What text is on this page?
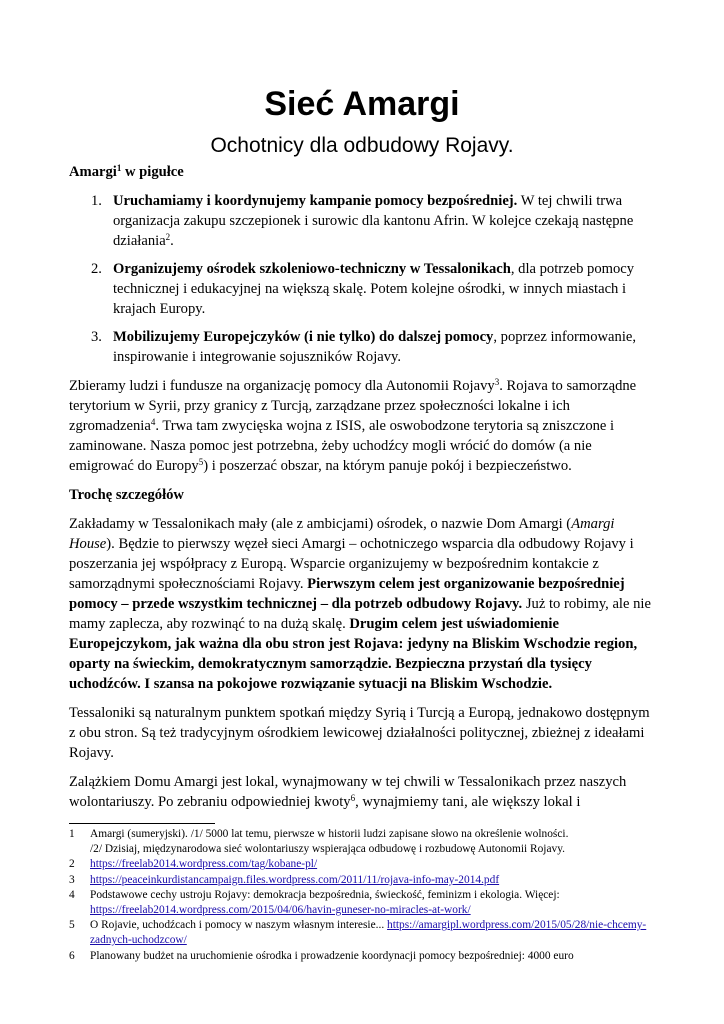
Sieć Amargi
Ochotnicy dla odbudowy Rojavy.

Amargi$^1$ w pigułce

1. Uruchamiamy i koordynujemy kampanie pomocy bezpośredniej. W tej chwili trwa organizacja zakupu szczepionek i surowic dla kantonu Afrin. W kolejce czekają następne działania$^2$.
2. Organizujemy ośrodek szkoleniowo-techniczny w Tessalonikach, dla potrzeb pomocy technicznej i edukacyjnej na większą skalę. Potem kolejne ośrodki, w innych miastach i krajach Europy.
3. Mobilizujemy Europejczyków (i nie tylko) do dalszej pomocy, poprzez informowanie, inspirowanie i integrowanie sojuszników Rojavy.

Zbieramy ludzi i fundusze na organizację pomocy dla Autonomii Rojavy$^3$. Rojava to samorządne terytorium w Syrii, przy granicy z Turcją, zarządzane przez społeczności lokalne i ich zgromadzenia$^4$. Trwa tam zwycięska wojna z ISIS, ale oswobodzone terytoria są zniszczone i zaminowane. Nasza pomoc jest potrzebna, żeby uchodźcy mogli wrócić do domów (a nie emigrować do Europy$^5$) i poszerzać obszar, na którym panuje pokój i bezpieczeństwo.

Trochę szczegółów

Zakładamy w Tessalonikach mały (ale z ambicjami) ośrodek, o nazwie Dom Amargi (Amargi House). Będzie to pierwszy węzeł sieci Amargi – ochotniczego wsparcia dla odbudowy Rojavy i poszerzania jej współpracy z Europą. Wsparcie organizujemy w bezpośrednim kontakcie z samorządnymi społecznościami Rojavy. Pierwszym celem jest organizowanie bezpośredniej pomocy – przede wszystkim technicznej – dla potrzeb odbudowy Rojavy. Już to robimy, ale nie mamy zaplecza, aby rozwinąć to na dużą skalę. Drugim celem jest uświadomienie Europejczykom, jak ważna dla obu stron jest Rojava: jedyny na Bliskim Wschodzie region, oparty na świeckim, demokratycznym samorządzie. Bezpieczna przystań dla tysięcy uchodźców. I szansa na pokojowe rozwiązanie sytuacji na Bliskim Wschodzie.

Tessaloniki są naturalnym punktem spotkań między Syrią i Turcją a Europą, jednakowo dostępnym z obu stron. Są też tradycyjnym ośrodkiem lewicowej działalności politycznej, zbieżnej z ideałami Rojavy.

Zalążkiem Domu Amargi jest lokal, wynajmowany w tej chwili w Tessalonikach przez naszych wolontariuszy. Po zebraniu odpowiedniej kwoty$^6$, wynajmiemy tani, ale większy lokal i

1 Amargi (sumeryjski). /1/ 5000 lat temu, pierwsze w historii ludzi zapisane słowo na określenie wolności.
/2/ Dzisiaj, międzynarodowa sieć wolontariuszy wspierająca odbudowę i rozbudowę Autonomii Rojavy.
2 https://freelab2014.wordpress.com/tag/kobane-pl/
3 https://peaceinkurdistancampaign.files.wordpress.com/2011/11/rojava-info-may-2014.pdf
4 Podstawowe cechy ustroju Rojavy: demokracja bezpośrednia, świeckość, feminizm i ekologia. Więcej:
https://freelab2014.wordpress.com/2015/04/06/havin-guneser-no-miracles-at-work/
5 O Rojavie, uchodźcach i pomocy w naszym własnym interesie... https://amargipl.wordpress.com/2015/05/28/nie-chcemy-zadnych-uchodzcow/
6 Planowany budżet na uruchomienie ośrodka i prowadzenie koordynacji pomocy bezpośredniej: 4000 euro
